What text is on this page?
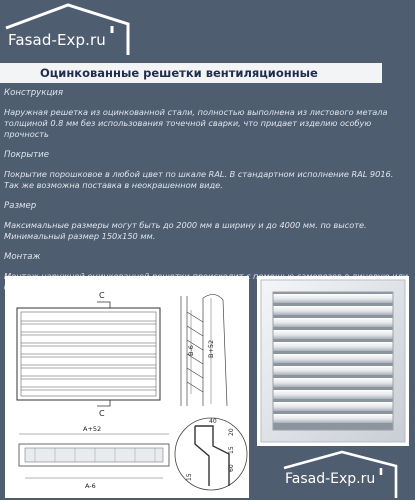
Fasad-Exp.ru
Оцинкованные решетки вентиляционные
Конструкция
Наружная решетка из оцинкованной стали, полностью выполнена из листового метала толщиной 0.8 мм без использования точечной сварки, что придает изделию особую прочность
Покрытие
Покрытие порошковое в любой цвет по шкале RAL. В стандартном исполнение RAL 9016. Так же возможна поставка в неокрашенном виде.
Размер
Максимальные размеры могут быть до 2000 мм в ширину и до 4000 мм. по высоте. Минимальный размер 150х150 мм.
Монтаж
C
C
B-6 B+52
A+52
A-6
40
20
15
60
15	Fasad-Exp.ru
